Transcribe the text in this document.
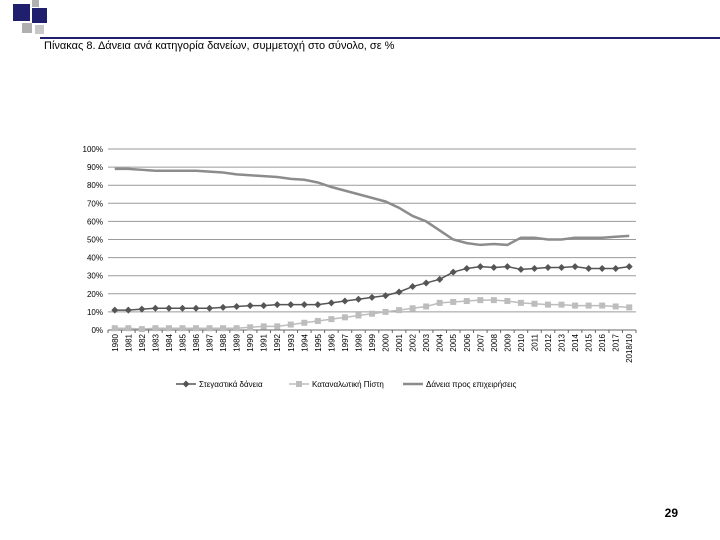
Πίνακας 8. Δάνεια ανά κατηγορία δανείων, συμμετοχή στο σύνολο, σε %
0%
10%
20%
30%
40%
50%
60%
70%
80%
90%
100%
1980 1981 1982 1983 1984 1985 1986 1987 1988 1989 1990 1991 1992 1993 1994 1995 1996 1997 1998 1999 2000 2001 2002 2003 2004 2005 2006 2007 2008 2009 2010 2011 2012 2013 2014 2015 2016 2017 2018/10
Στεγαστικά δάνεια	Καταναλωτική Πίστη	Δάνεια προς επιχειρήσεις
29
